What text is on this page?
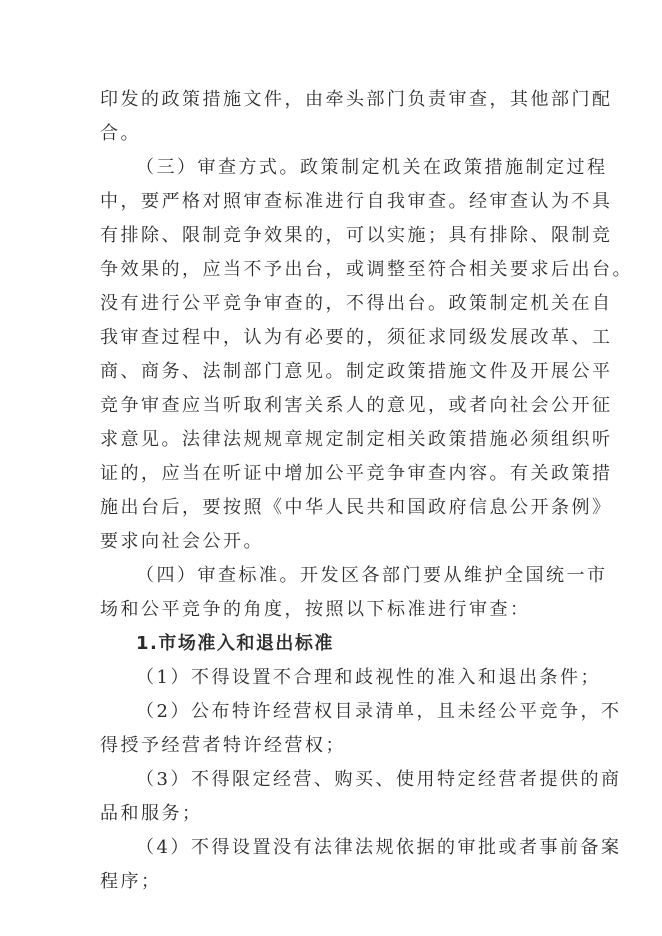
印发的政策措施文件，由牵头部门负责审查，其他部门配
合。
（三）审查方式。政策制定机关在政策措施制定过程
中，要严格对照审查标准进行自我审查。经审查认为不具
有排除、限制竞争效果的，可以实施；具有排除、限制竞
争效果的，应当不予出台，或调整至符合相关要求后出台。
没有进行公平竞争审查的，不得出台。政策制定机关在自
我审查过程中，认为有必要的，须征求同级发展改革、工
商、商务、法制部门意见。制定政策措施文件及开展公平
竞争审查应当听取利害关系人的意见，或者向社会公开征
求意见。法律法规规章规定制定相关政策措施必须组织听
证的，应当在听证中增加公平竞争审查内容。有关政策措
施出台后，要按照《中华人民共和国政府信息公开条例》
要求向社会公开。
（四）审查标准。开发区各部门要从维护全国统一市
场和公平竞争的角度，按照以下标准进行审查：
1.市场准入和退出标准
（1）不得设置不合理和歧视性的准入和退出条件；
（2）公布特许经营权目录清单，且未经公平竞争，不
得授予经营者特许经营权；
（3）不得限定经营、购买、使用特定经营者提供的商
品和服务；
（4）不得设置没有法律法规依据的审批或者事前备案
程序；
